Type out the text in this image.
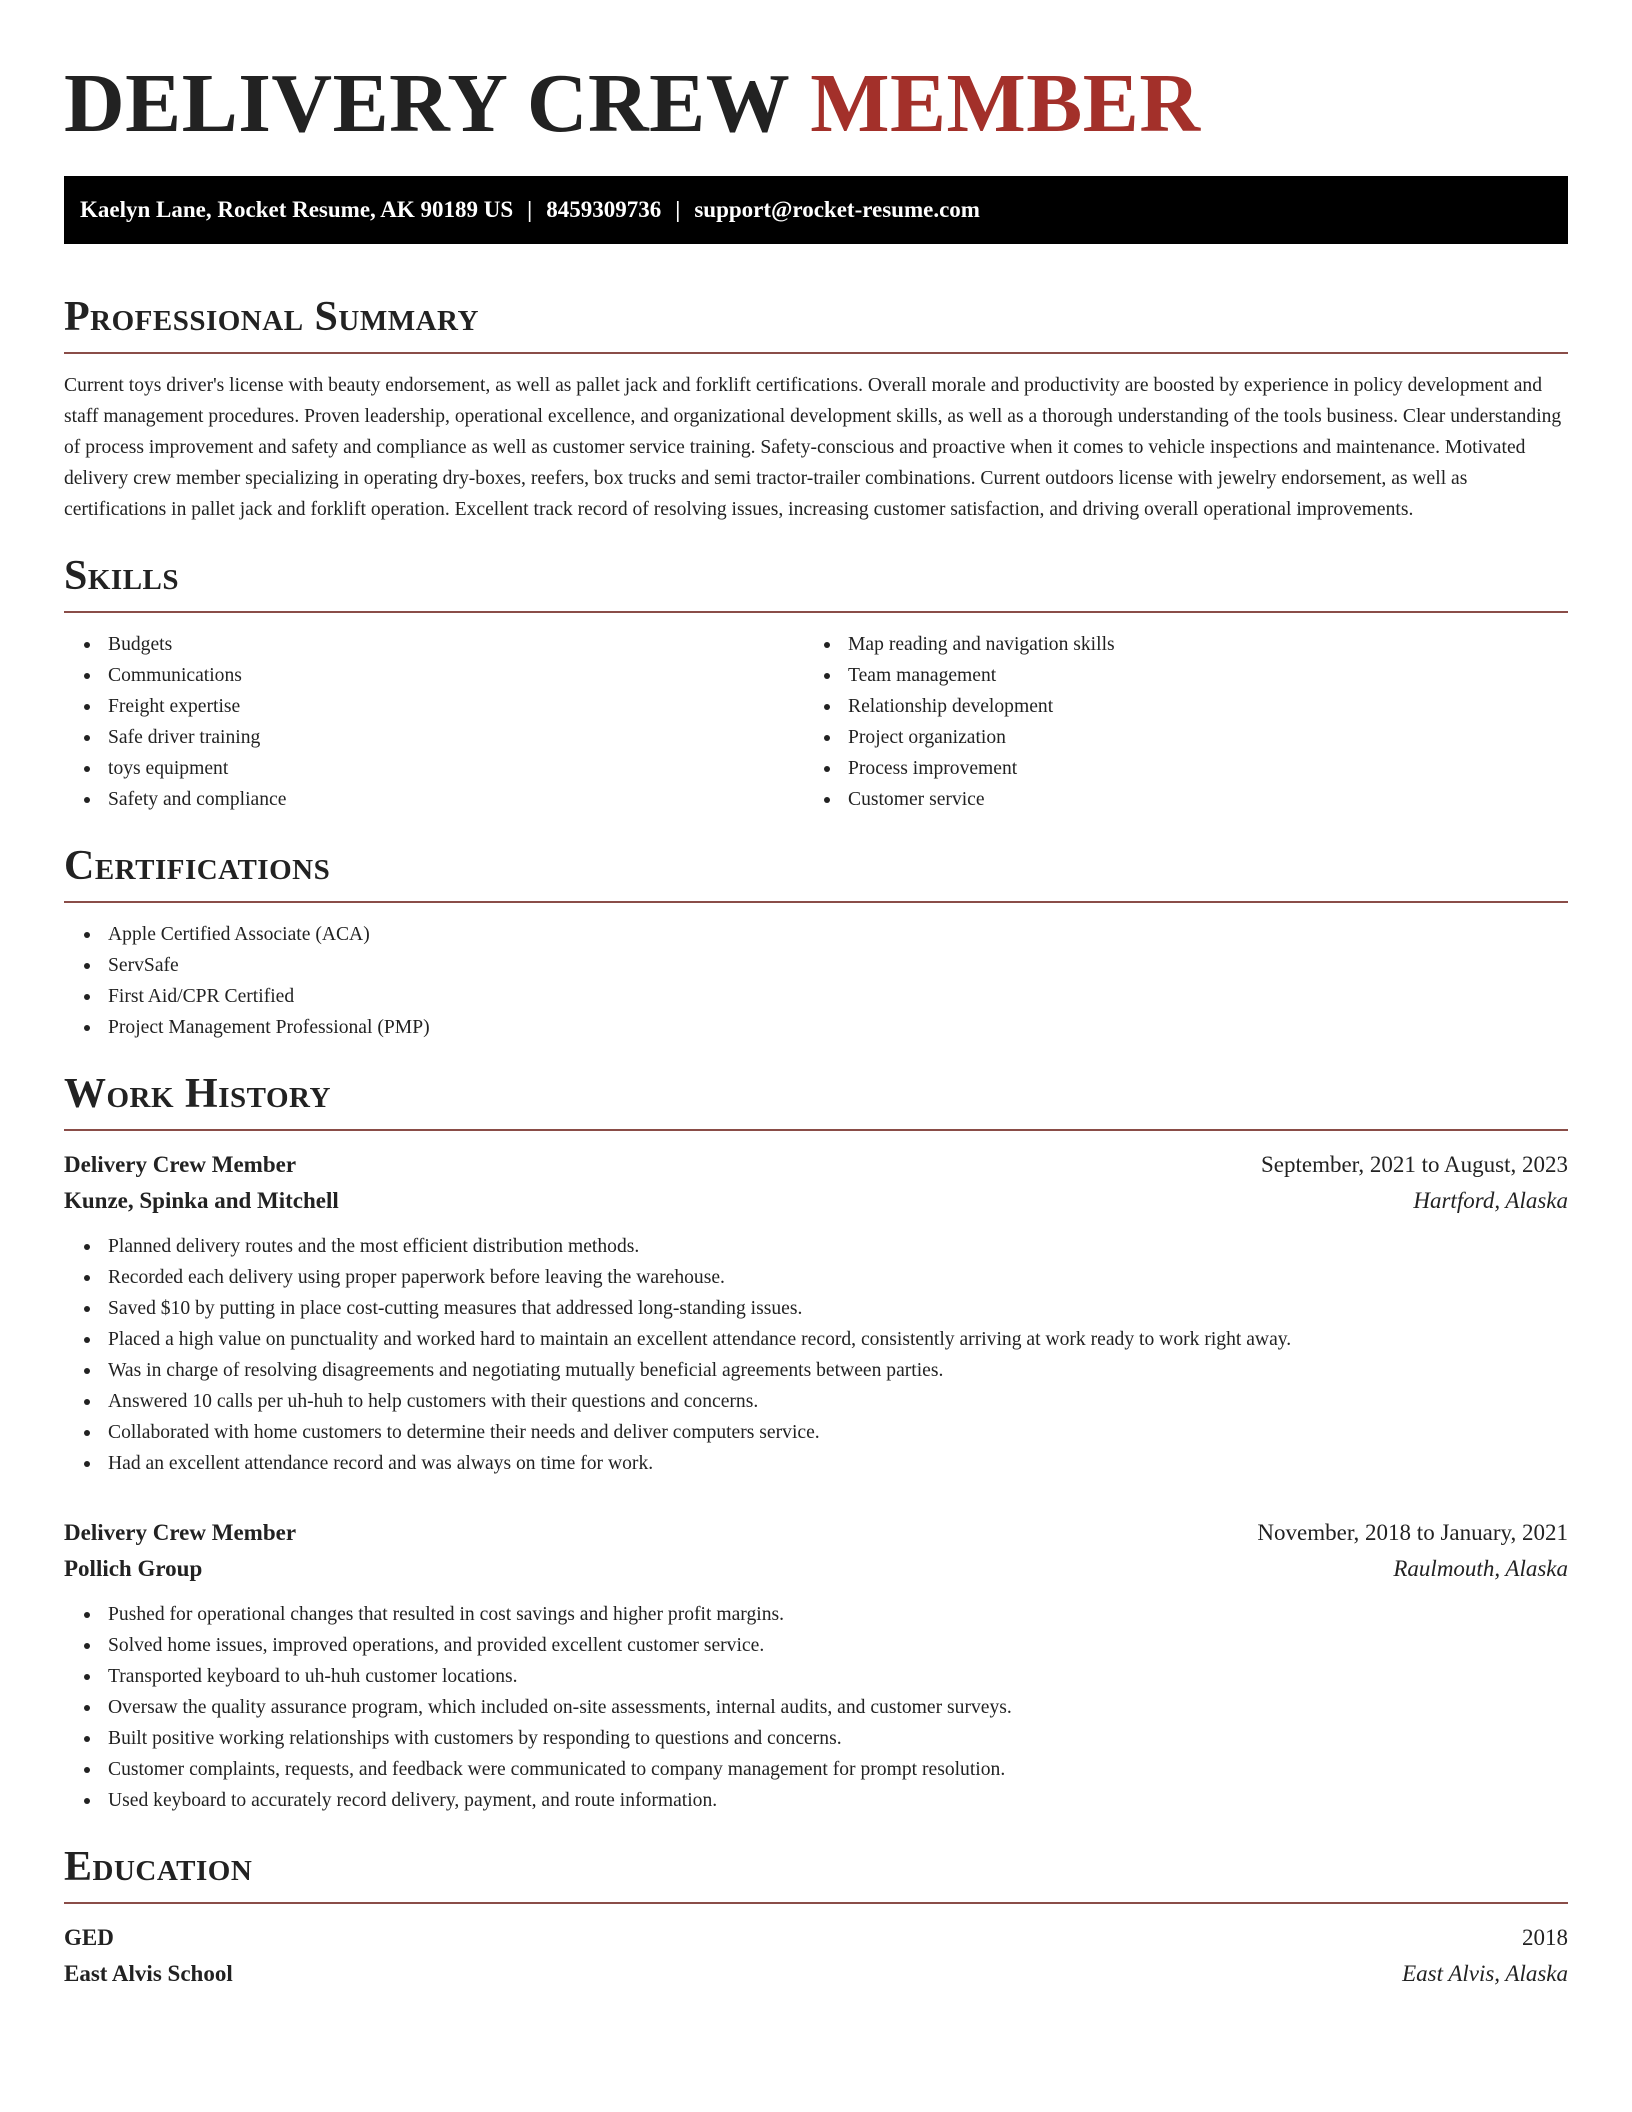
DELIVERY CREW MEMBER
Kaelyn Lane, Rocket Resume, AK 90189 US | 8459309736 | support@rocket-resume.com
Professional Summary

Current toys driver's license with beauty endorsement, as well as pallet jack and forklift certifications. Overall morale and productivity are boosted by experience in policy development and staff management procedures. Proven leadership, operational excellence, and organizational development skills, as well as a thorough understanding of the tools business. Clear understanding of process improvement and safety and compliance as well as customer service training. Safety-conscious and proactive when it comes to vehicle inspections and maintenance. Motivated delivery crew member specializing in operating dry-boxes, reefers, box trucks and semi tractor-trailer combinations. Current outdoors license with jewelry endorsement, as well as certifications in pallet jack and forklift operation. Excellent track record of resolving issues, increasing customer satisfaction, and driving overall operational improvements.

Skills
Budgets
Communications
Freight expertise
Safe driver training
toys equipment
Safety and compliance
Map reading and navigation skills
Team management
Relationship development
Project organization
Process improvement
Customer service
Certifications
Apple Certified Associate (ACA)
ServSafe
First Aid/CPR Certified
Project Management Professional (PMP)
Work History
Delivery Crew Member	September, 2021 to August, 2023
Kunze, Spinka and Mitchell	Hartford, Alaska
Planned delivery routes and the most efficient distribution methods.
Recorded each delivery using proper paperwork before leaving the warehouse.
Saved $10 by putting in place cost-cutting measures that addressed long-standing issues.
Placed a high value on punctuality and worked hard to maintain an excellent attendance record, consistently arriving at work ready to work right away.
Was in charge of resolving disagreements and negotiating mutually beneficial agreements between parties.
Answered 10 calls per uh-huh to help customers with their questions and concerns.
Collaborated with home customers to determine their needs and deliver computers service.
Had an excellent attendance record and was always on time for work.
Delivery Crew Member	November, 2018 to January, 2021
Pollich Group	Raulmouth, Alaska
Pushed for operational changes that resulted in cost savings and higher profit margins.
Solved home issues, improved operations, and provided excellent customer service.
Transported keyboard to uh-huh customer locations.
Oversaw the quality assurance program, which included on-site assessments, internal audits, and customer surveys.
Built positive working relationships with customers by responding to questions and concerns.
Customer complaints, requests, and feedback were communicated to company management for prompt resolution.
Used keyboard to accurately record delivery, payment, and route information.
Education
GED	2018
East Alvis School	East Alvis, Alaska
